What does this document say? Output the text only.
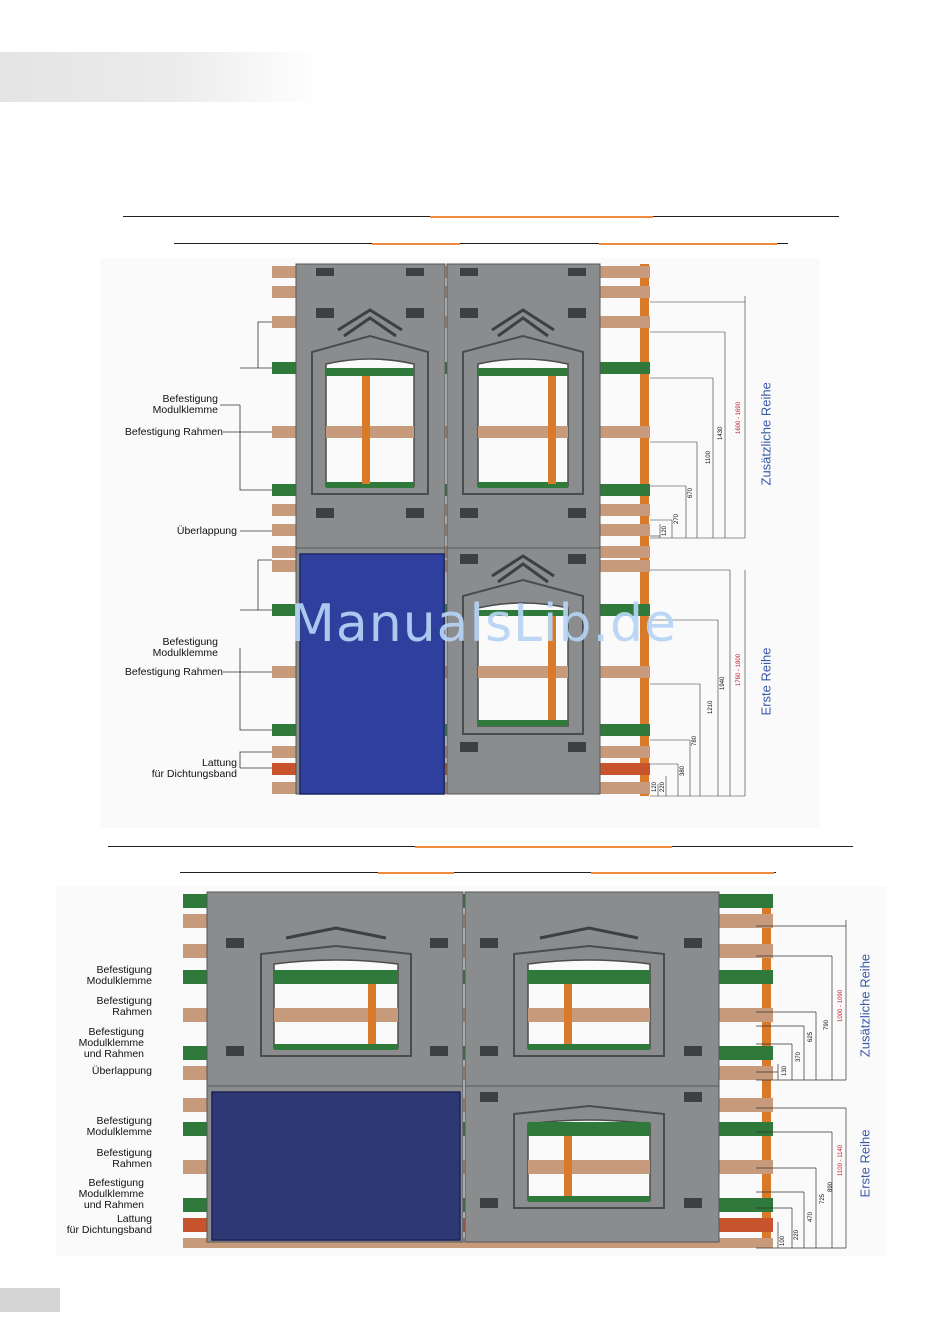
120
270
670
1100
1430 1600 - 1690
120 220
380
780
1210
1940 1760 - 1800
Befestigung
Modulklemme
Befestigung Rahmen
Überlappung
Befestigung
Modulklemme
Befestigung Rahmen
Lattung
für Dichtungsband
Zusätzliche Reihe
Erste Reihe
130
370
625
790
1000 - 1090
100
220
470
725
890
1100 - 1140
Befestigung
Modulklemme
Befestigung
Rahmen
Befestigung
Modulklemme
und Rahmen
Überlappung
Befestigung
Modulklemme
Befestigung
Rahmen
Befestigung
Modulklemme
und Rahmen
Lattung
für Dichtungsband
Zusätzliche Reihe
Erste Reihe
ManualsLib.de
